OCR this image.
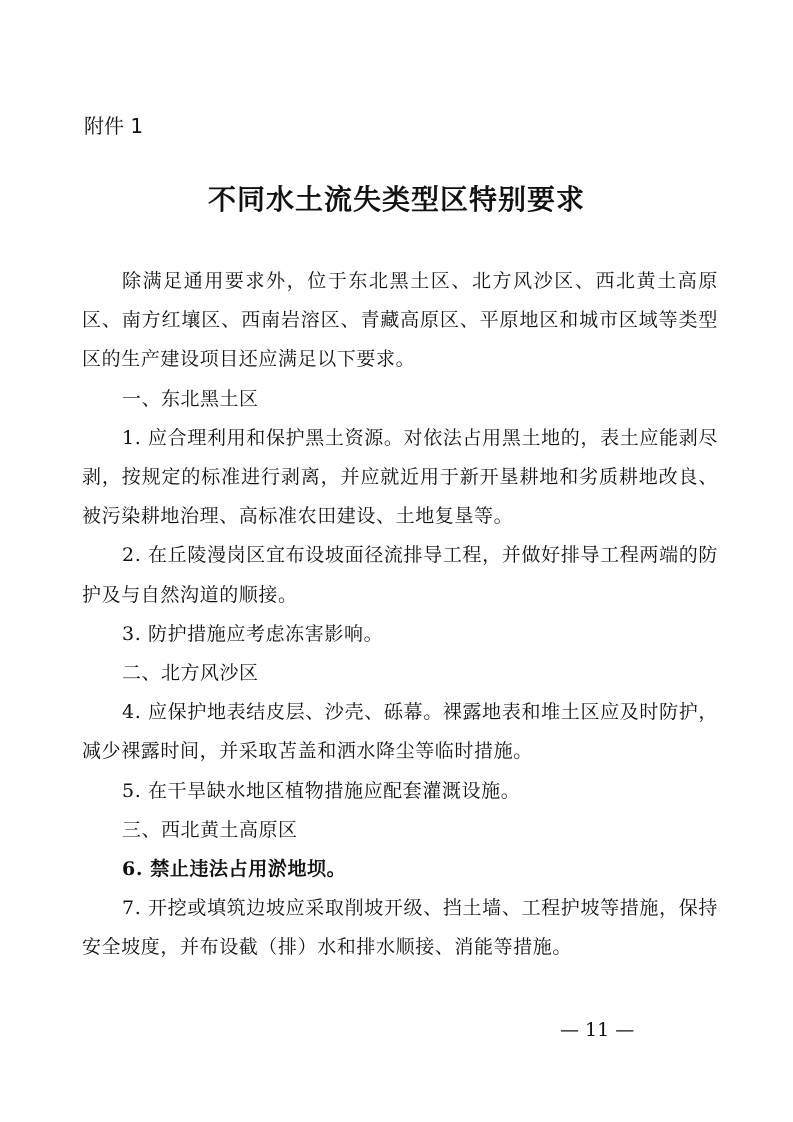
附件 1
不同水土流失类型区特别要求

除满足通用要求外，位于东北黑土区、北方风沙区、西北黄土高原区、南方红壤区、西南岩溶区、青藏高原区、平原地区和城市区域等类型区的生产建设项目还应满足以下要求。

一、东北黑土区

1. 应合理利用和保护黑土资源。对依法占用黑土地的，表土应能剥尽剥，按规定的标准进行剥离，并应就近用于新开垦耕地和劣质耕地改良、被污染耕地治理、高标准农田建设、土地复垦等。

2. 在丘陵漫岗区宜布设坡面径流排导工程，并做好排导工程两端的防护及与自然沟道的顺接。

3. 防护措施应考虑冻害影响。

二、北方风沙区

4. 应保护地表结皮层、沙壳、砾幕。裸露地表和堆土区应及时防护，减少裸露时间，并采取苫盖和洒水降尘等临时措施。

5. 在干旱缺水地区植物措施应配套灌溉设施。

三、西北黄土高原区

6. 禁止违法占用淤地坝。

7. 开挖或填筑边坡应采取削坡开级、挡土墙、工程护坡等措施，保持安全坡度，并布设截（排）水和排水顺接、消能等措施。

— 11 —
